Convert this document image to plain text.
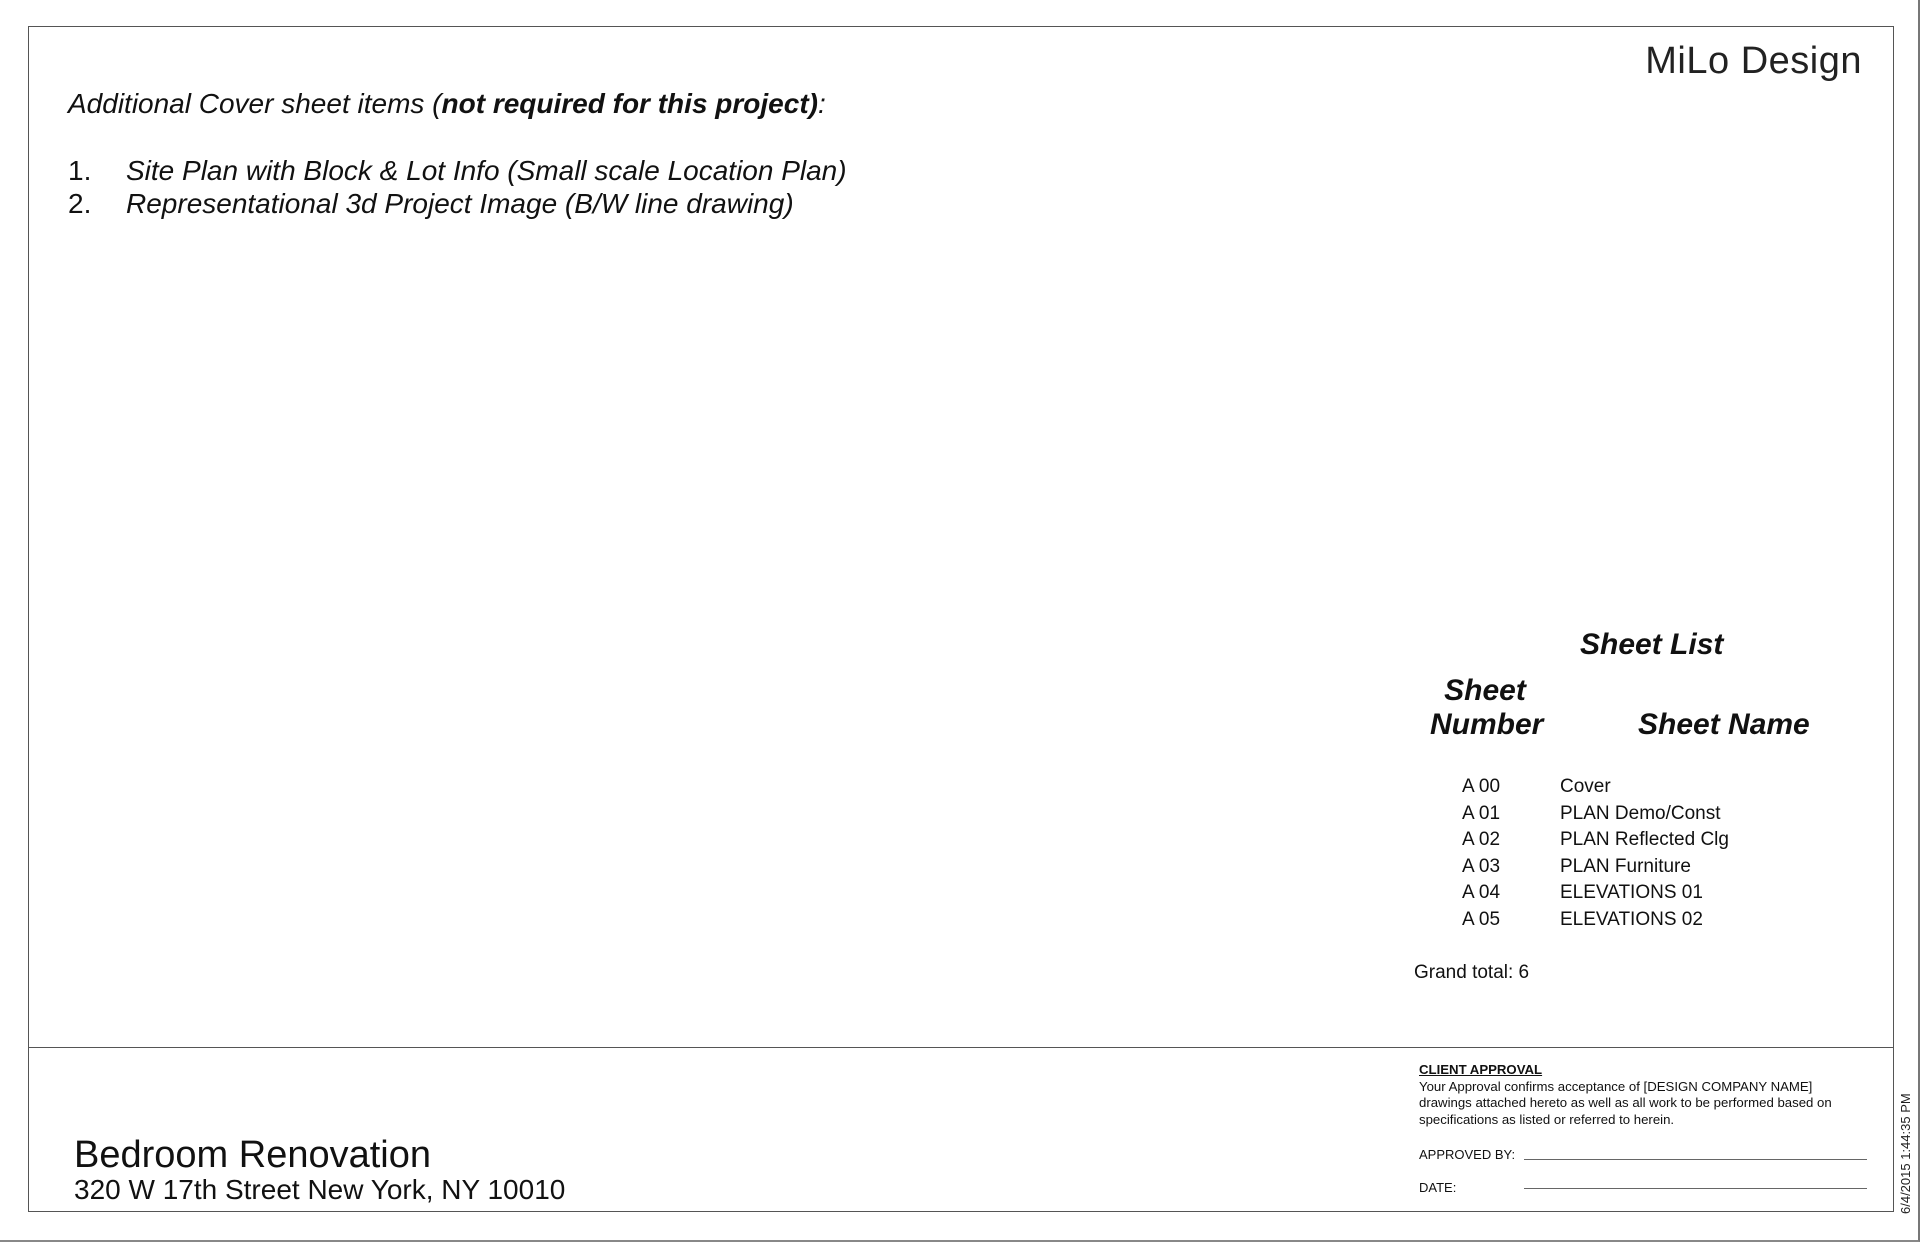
MiLo Design
Additional Cover sheet items (not required for this project):
1.	Site Plan with Block & Lot Info (Small scale Location Plan)
2.	Representational 3d Project Image (B/W line drawing)
Sheet List
Sheet
Number	Sheet Name
A 00	Cover
A 01	PLAN Demo/Const
A 02	PLAN Reflected Clg
A 03	PLAN Furniture
A 04	ELEVATIONS 01
A 05	ELEVATIONS 02
Grand total: 6
Bedroom Renovation
320 W 17th Street New York, NY 10010
CLIENT APPROVAL
Your Approval confirms acceptance of [DESIGN COMPANY NAME] drawings attached hereto as well as all work to be performed based on specifications as listed or referred to herein.
APPROVED BY:
DATE:	6/4/2015 1:44:35 PM
